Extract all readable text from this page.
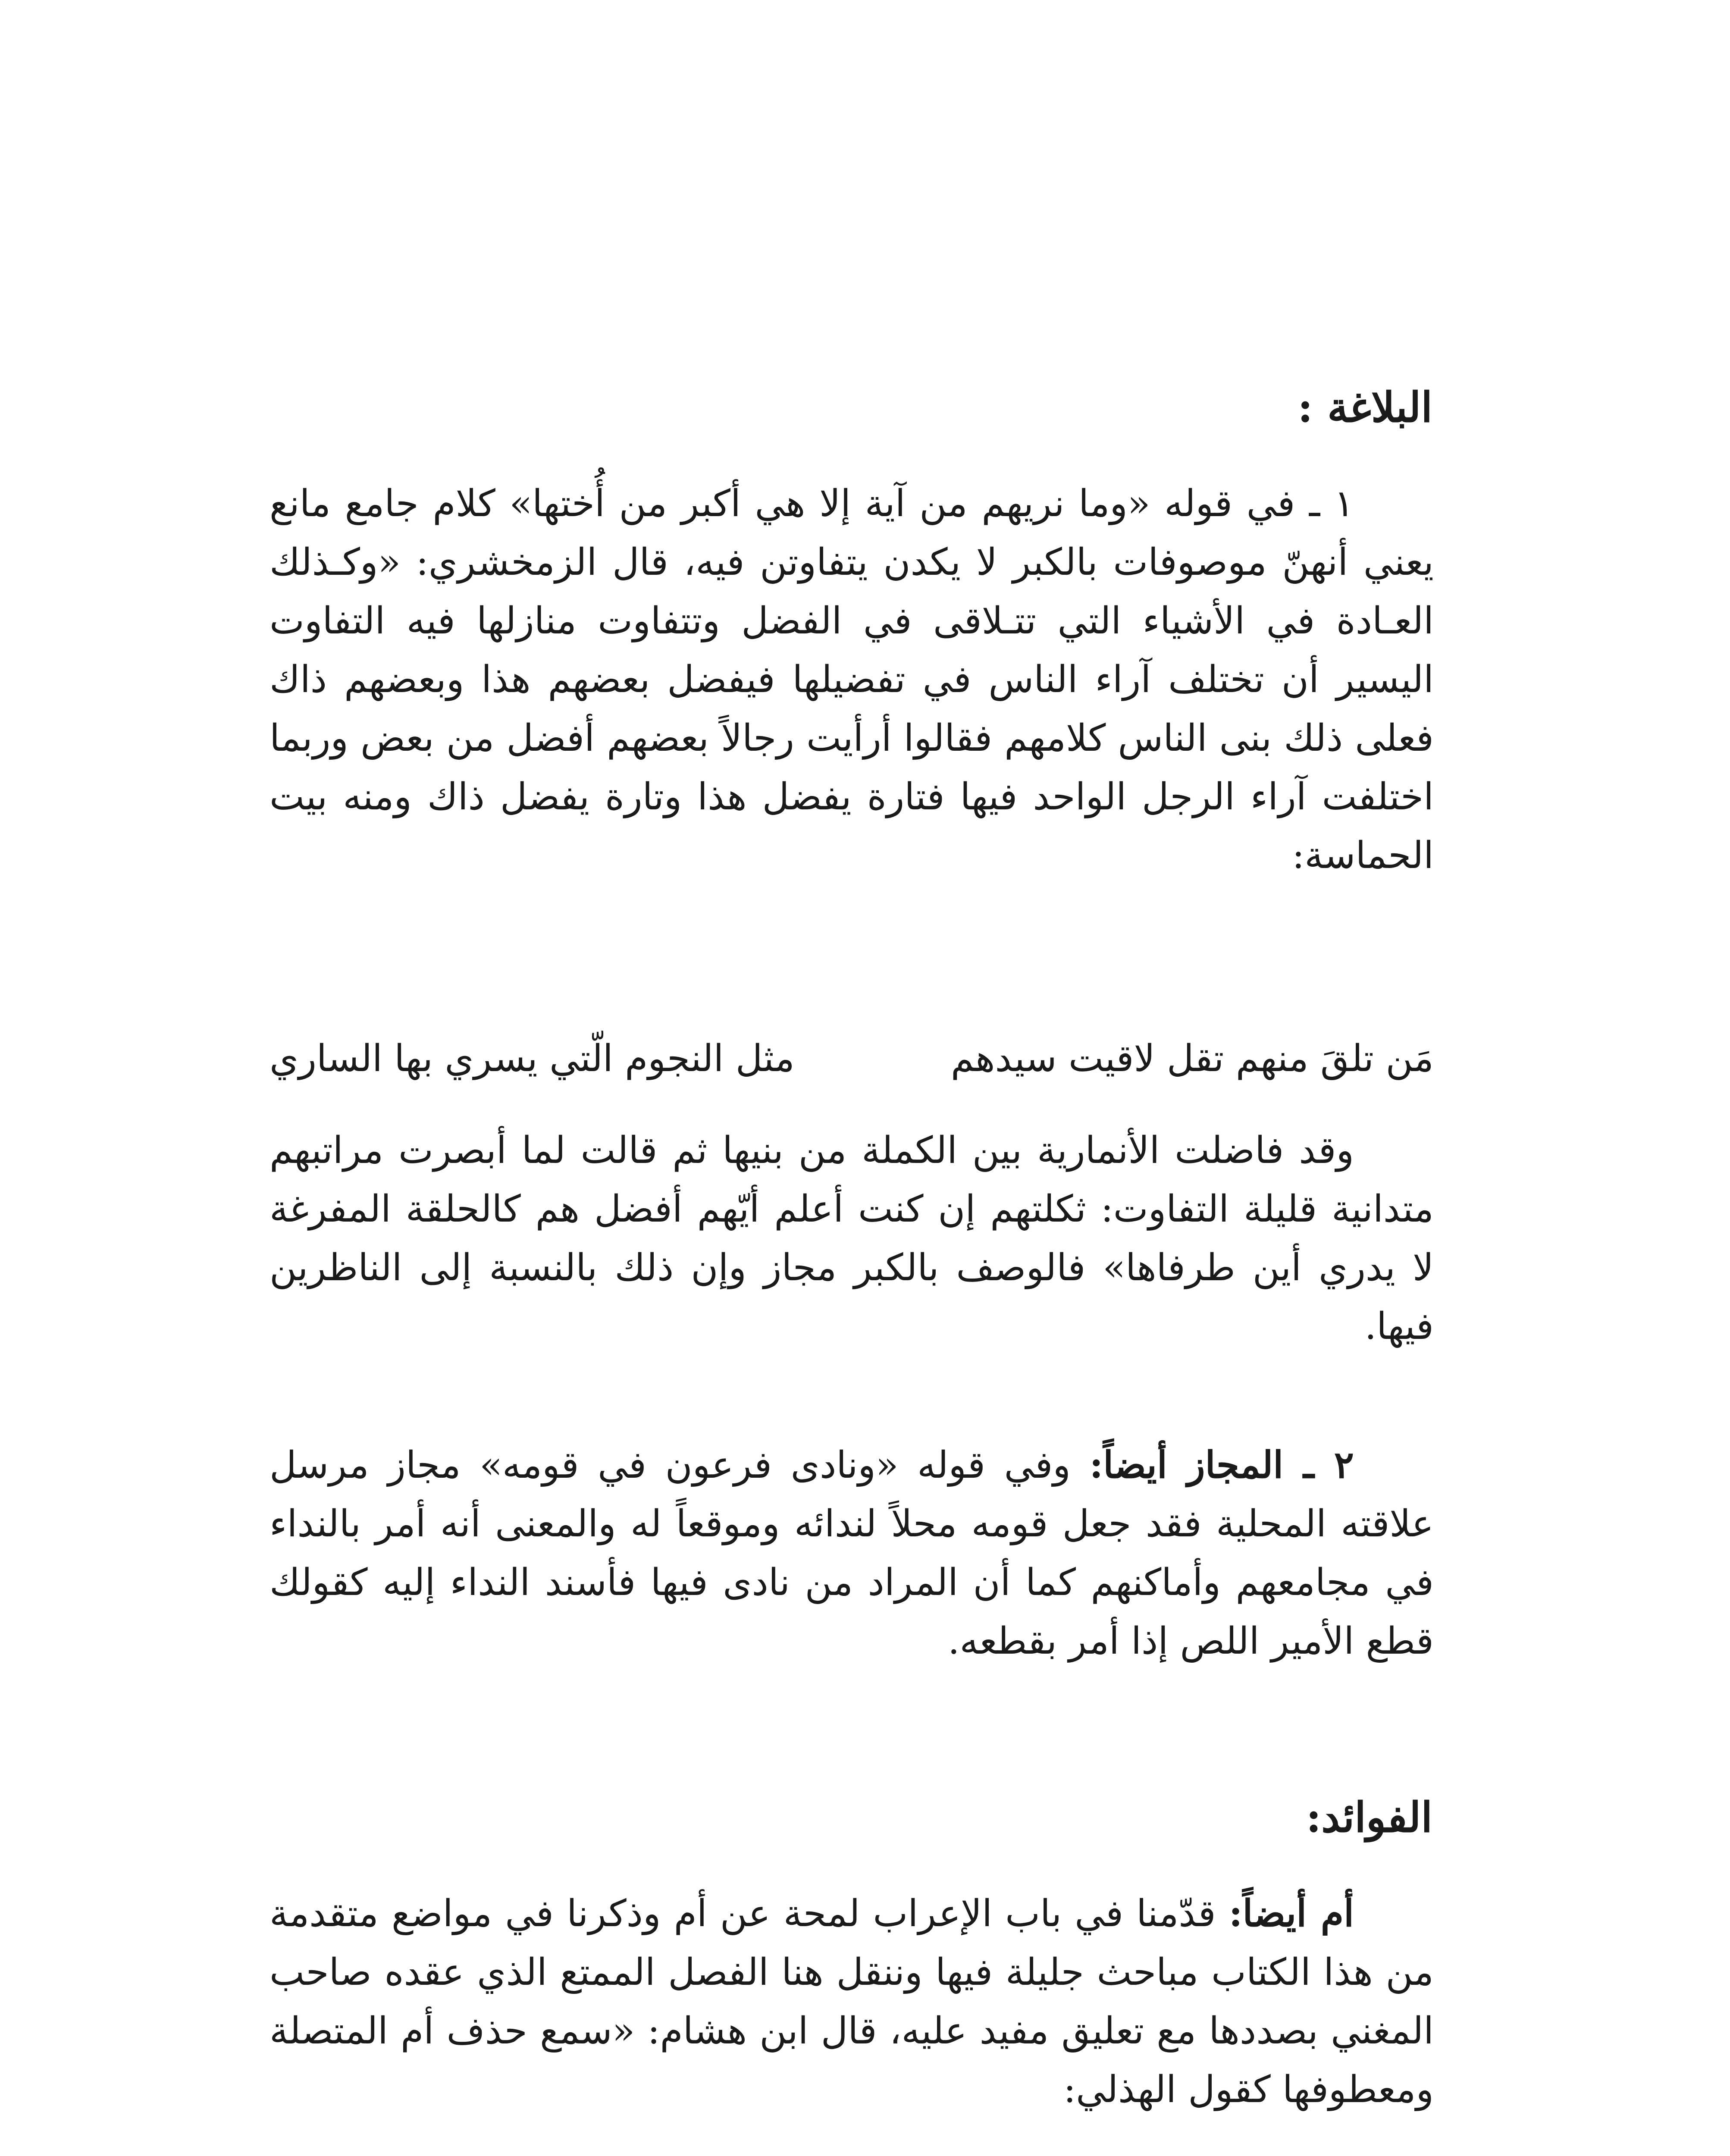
البلاغة :

١ ـ في قوله «وما نريهم من آية إلا هي أكبر من أُختها» كلام جامع مانع يعني أنهنّ موصوفات بالكبر لا يكدن يتفاوتن فيه، قال الزمخشري: «وكـذلك العـادة في الأشياء التي تتـلاقى في الفضل وتتفاوت منازلها فيه التفاوت اليسير أن تختلف آراء الناس في تفضيلها فيفضل بعضهم هذا وبعضهم ذاك فعلى ذلك بنى الناس كلامهم فقالوا أرأيت رجالاً بعضهم أفضل من بعض وربما اختلفت آراء الرجل الواحد فيها فتارة يفضل هذا وتارة يفضل ذاك ومنه بيت الحماسة:

مَن تلقَ منهم تقل لاقيت سيدهم
مثل النجوم الّتي يسري بها الساري

وقد فاضلت الأنمارية بين الكملة من بنيها ثم قالت لما أبصرت مراتبهم متدانية قليلة التفاوت: ثكلتهم إن كنت أعلم أيّهم أفضل هم كالحلقة المفرغة لا يدري أين طرفاها» فالوصف بالكبر مجاز وإن ذلك بالنسبة إلى الناظرين فيها.

٢ ـ المجاز أيضاً: وفي قوله «ونادى فرعون في قومه» مجاز مرسل علاقته المحلية فقد جعل قومه محلاً لندائه وموقعاً له والمعنى أنه أمر بالنداء في مجامعهم وأماكنهم كما أن المراد من نادى فيها فأسند النداء إليه كقولك قطع الأمير اللص إذا أمر بقطعه.

الفوائد:

أم أيضاً: قدّمنا في باب الإعراب لمحة عن أم وذكرنا في مواضع متقدمة من هذا الكتاب مباحث جليلة فيها وننقل هنا الفصل الممتع الذي عقده صاحب المغني بصددها مع تعليق مفيد عليه، قال ابن هشام: «سمع حذف أم المتصلة ومعطوفها كقول الهذلي:
